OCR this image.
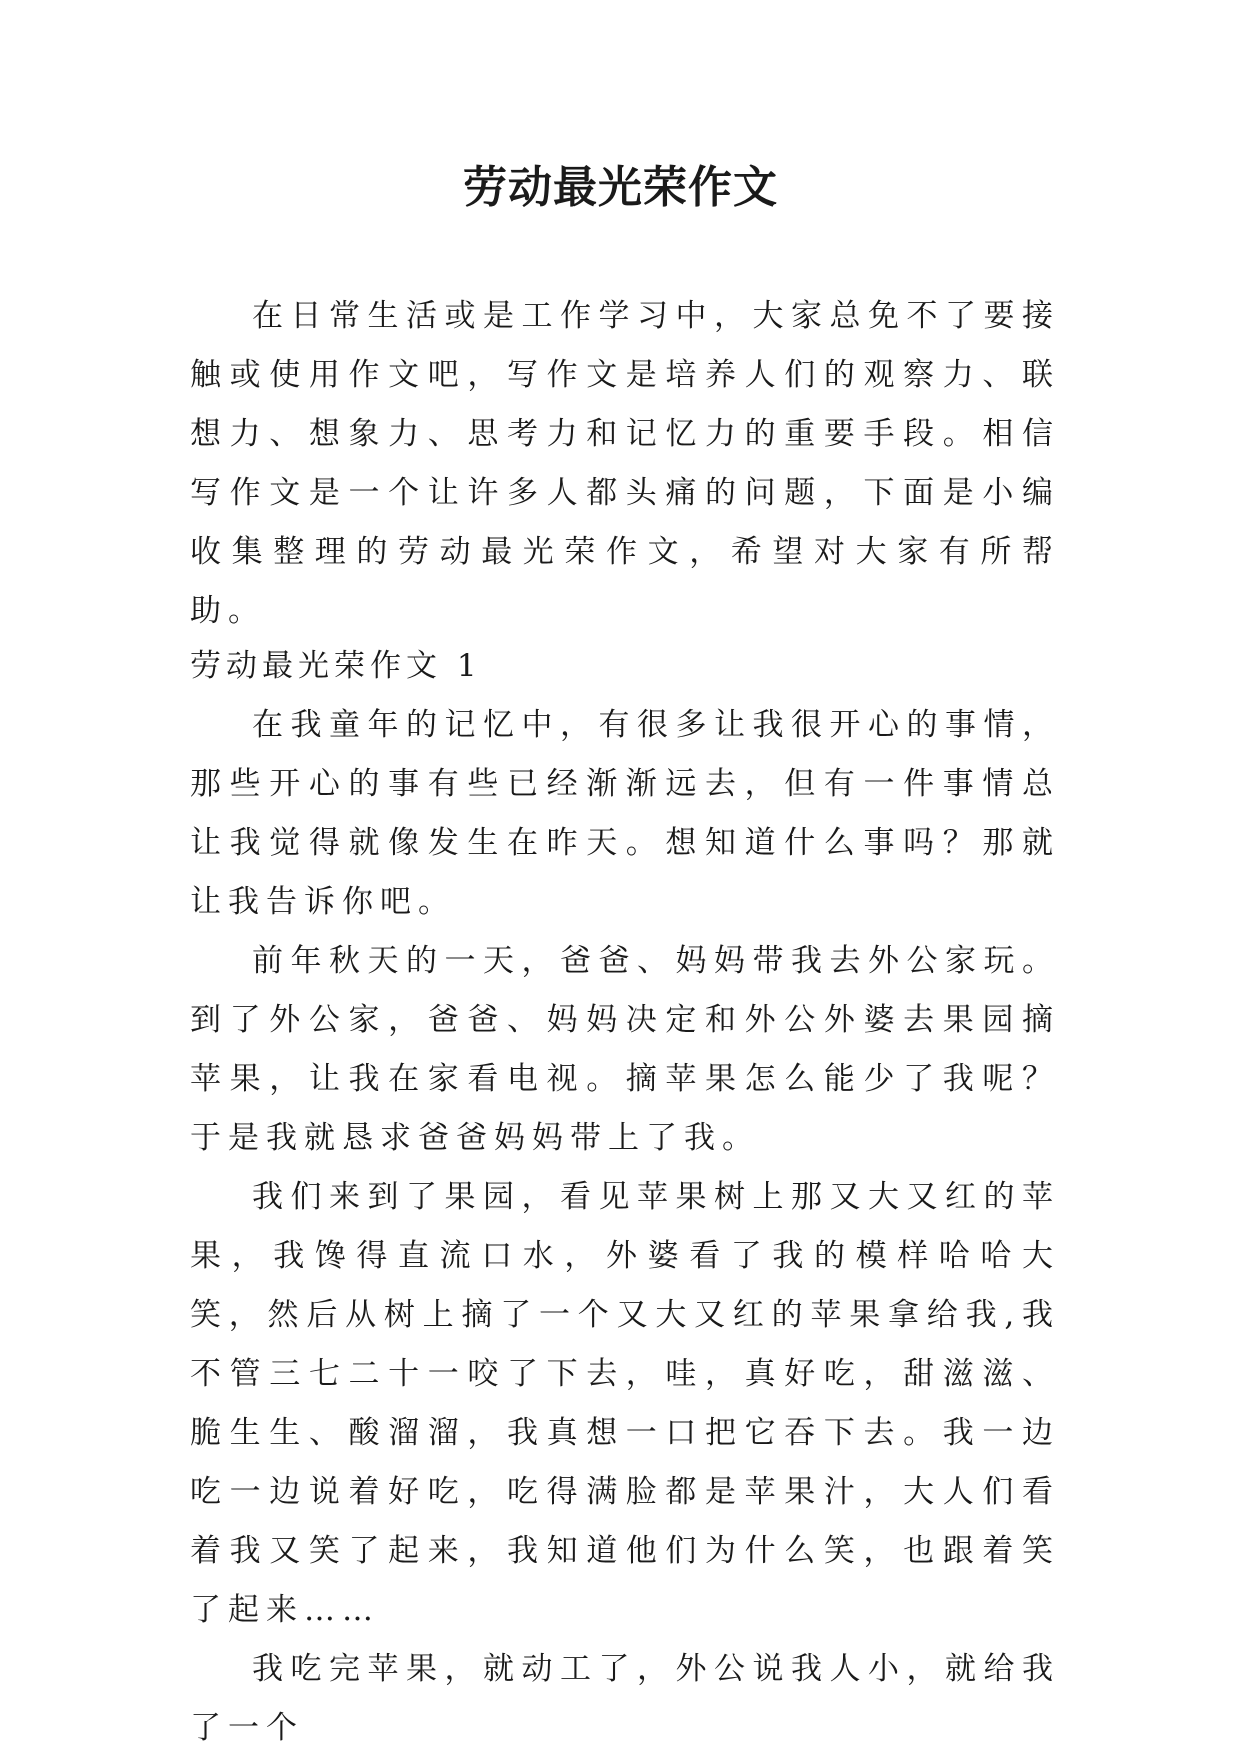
劳动最光荣作文

在日常生活或是工作学习中，大家总免不了要接触或使用作文吧，写作文是培养人们的观察力、联想力、想象力、思考力和记忆力的重要手段。相信写作文是一个让许多人都头痛的问题，下面是小编收集整理的劳动最光荣作文，希望对大家有所帮助。

劳动最光荣作文 1

在我童年的记忆中，有很多让我很开心的事情，那些开心的事有些已经渐渐远去，但有一件事情总让我觉得就像发生在昨天。想知道什么事吗？那就让我告诉你吧。

前年秋天的一天，爸爸、妈妈带我去外公家玩。到了外公家，爸爸、妈妈决定和外公外婆去果园摘苹果，让我在家看电视。摘苹果怎么能少了我呢？于是我就恳求爸爸妈妈带上了我。

我们来到了果园，看见苹果树上那又大又红的苹果，我馋得直流口水，外婆看了我的模样哈哈大笑，然后从树上摘了一个又大又红的苹果拿给我,我不管三七二十一咬了下去，哇，真好吃，甜滋滋、脆生生、酸溜溜，我真想一口把它吞下去。我一边吃一边说着好吃，吃得满脸都是苹果汁，大人们看着我又笑了起来，我知道他们为什么笑，也跟着笑了起来……

我吃完苹果，就动工了，外公说我人小，就给我了一个
